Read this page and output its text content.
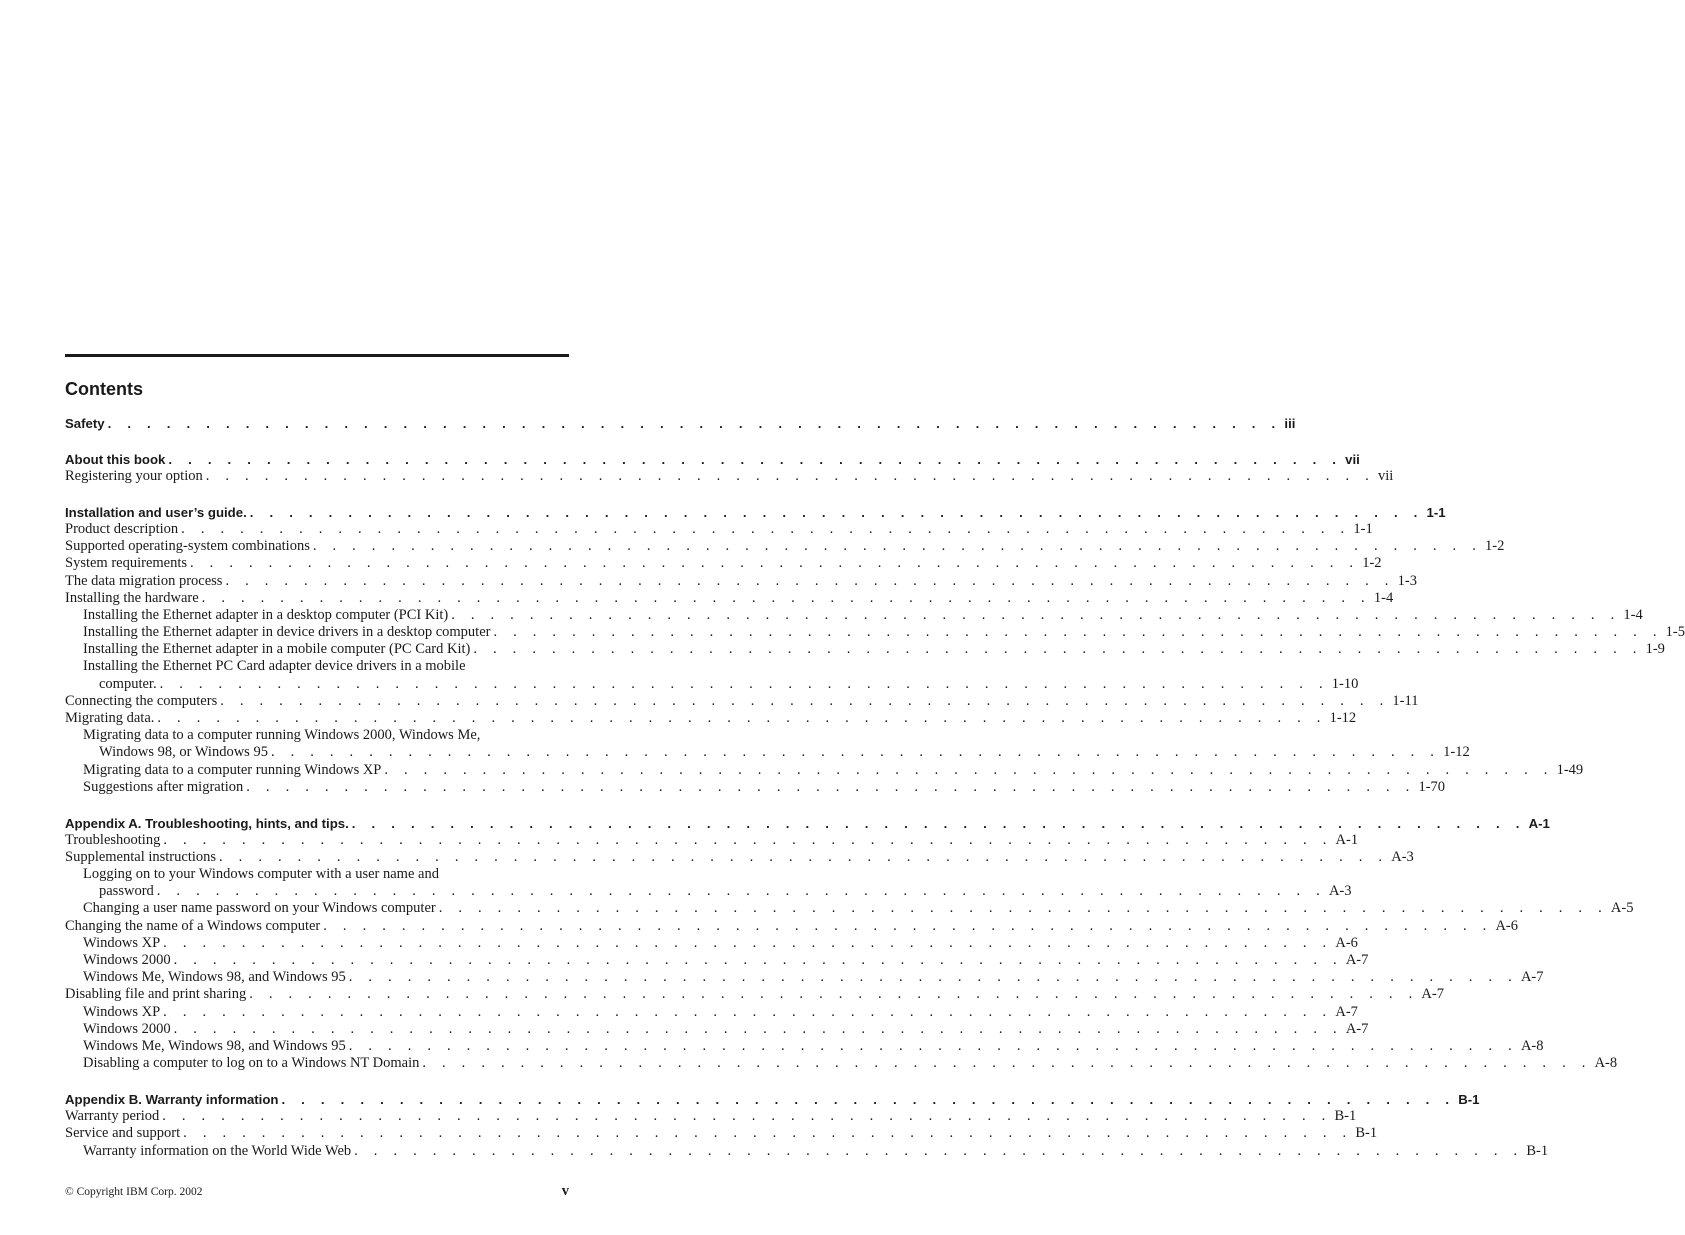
Contents
Safety . . . . . . . . . . . . . . . . . . . . . . . . . . . . . . . . . . . . . . . . . . . . . . . . . . . . . . . . . . . . iii
About this book . . . . . . . . . . . . . . . . . . . . . . . . . . . . . . . . . . . . . . . . . . . . . . . . . . . . . . . . . . . . vii
Registering your option . . . . . . . . . . . . . . . . . . . . . . . . . . . . . . . . . . . . . . . . . . . . . . . . . . . . . . . . . . . . vii
Installation and user’s guide. . . . . . . . . . . . . . . . . . . . . . . . . . . . . . . . . . . . . . . . . . . . . . . . . . . . . . . . . . . . . 1-1
Product description . . . . . . . . . . . . . . . . . . . . . . . . . . . . . . . . . . . . . . . . . . . . . . . . . . . . . . . . . . . . 1-1
Supported operating-system combinations . . . . . . . . . . . . . . . . . . . . . . . . . . . . . . . . . . . . . . . . . . . . . . . . . . . . . . . . . . . . 1-2
System requirements . . . . . . . . . . . . . . . . . . . . . . . . . . . . . . . . . . . . . . . . . . . . . . . . . . . . . . . . . . . . 1-2
The data migration process . . . . . . . . . . . . . . . . . . . . . . . . . . . . . . . . . . . . . . . . . . . . . . . . . . . . . . . . . . . . 1-3
Installing the hardware . . . . . . . . . . . . . . . . . . . . . . . . . . . . . . . . . . . . . . . . . . . . . . . . . . . . . . . . . . . . 1-4
Installing the Ethernet adapter in a desktop computer (PCI Kit) . . . . . . . . . . . . . . . . . . . . . . . . . . . . . . . . . . . . . . . . . . . . . . . . . . . . . . . . . . . . 1-4
Installing the Ethernet adapter in device drivers in a desktop computer . . . . . . . . . . . . . . . . . . . . . . . . . . . . . . . . . . . . . . . . . . . . . . . . . . . . . . . . . . . . 1-5
Installing the Ethernet adapter in a mobile computer (PC Card Kit) . . . . . . . . . . . . . . . . . . . . . . . . . . . . . . . . . . . . . . . . . . . . . . . . . . . . . . . . . . . . 1-9
Installing the Ethernet PC Card adapter device drivers in a mobile
computer. . . . . . . . . . . . . . . . . . . . . . . . . . . . . . . . . . . . . . . . . . . . . . . . . . . . . . . . . . . . . 1-10
Connecting the computers . . . . . . . . . . . . . . . . . . . . . . . . . . . . . . . . . . . . . . . . . . . . . . . . . . . . . . . . . . . . 1-11
Migrating data. . . . . . . . . . . . . . . . . . . . . . . . . . . . . . . . . . . . . . . . . . . . . . . . . . . . . . . . . . . . . 1-12
Migrating data to a computer running Windows 2000, Windows Me,
Windows 98, or Windows 95 . . . . . . . . . . . . . . . . . . . . . . . . . . . . . . . . . . . . . . . . . . . . . . . . . . . . . . . . . . . . 1-12
Migrating data to a computer running Windows XP . . . . . . . . . . . . . . . . . . . . . . . . . . . . . . . . . . . . . . . . . . . . . . . . . . . . . . . . . . . . 1-49
Suggestions after migration . . . . . . . . . . . . . . . . . . . . . . . . . . . . . . . . . . . . . . . . . . . . . . . . . . . . . . . . . . . . 1-70
Appendix A. Troubleshooting, hints, and tips. . . . . . . . . . . . . . . . . . . . . . . . . . . . . . . . . . . . . . . . . . . . . . . . . . . . . . . . . . . . . A-1
Troubleshooting . . . . . . . . . . . . . . . . . . . . . . . . . . . . . . . . . . . . . . . . . . . . . . . . . . . . . . . . . . . . A-1
Supplemental instructions . . . . . . . . . . . . . . . . . . . . . . . . . . . . . . . . . . . . . . . . . . . . . . . . . . . . . . . . . . . . A-3
Logging on to your Windows computer with a user name and
password . . . . . . . . . . . . . . . . . . . . . . . . . . . . . . . . . . . . . . . . . . . . . . . . . . . . . . . . . . . . A-3
Changing a user name password on your Windows computer . . . . . . . . . . . . . . . . . . . . . . . . . . . . . . . . . . . . . . . . . . . . . . . . . . . . . . . . . . . . A-5
Changing the name of a Windows computer . . . . . . . . . . . . . . . . . . . . . . . . . . . . . . . . . . . . . . . . . . . . . . . . . . . . . . . . . . . . A-6
Windows XP . . . . . . . . . . . . . . . . . . . . . . . . . . . . . . . . . . . . . . . . . . . . . . . . . . . . . . . . . . . . A-6
Windows 2000 . . . . . . . . . . . . . . . . . . . . . . . . . . . . . . . . . . . . . . . . . . . . . . . . . . . . . . . . . . . . A-7
Windows Me, Windows 98, and Windows 95 . . . . . . . . . . . . . . . . . . . . . . . . . . . . . . . . . . . . . . . . . . . . . . . . . . . . . . . . . . . . A-7
Disabling file and print sharing . . . . . . . . . . . . . . . . . . . . . . . . . . . . . . . . . . . . . . . . . . . . . . . . . . . . . . . . . . . . A-7
Windows XP . . . . . . . . . . . . . . . . . . . . . . . . . . . . . . . . . . . . . . . . . . . . . . . . . . . . . . . . . . . . A-7
Windows 2000 . . . . . . . . . . . . . . . . . . . . . . . . . . . . . . . . . . . . . . . . . . . . . . . . . . . . . . . . . . . . A-7
Windows Me, Windows 98, and Windows 95 . . . . . . . . . . . . . . . . . . . . . . . . . . . . . . . . . . . . . . . . . . . . . . . . . . . . . . . . . . . . A-8
Disabling a computer to log on to a Windows NT Domain . . . . . . . . . . . . . . . . . . . . . . . . . . . . . . . . . . . . . . . . . . . . . . . . . . . . . . . . . . . . A-8
Appendix B. Warranty information . . . . . . . . . . . . . . . . . . . . . . . . . . . . . . . . . . . . . . . . . . . . . . . . . . . . . . . . . . . . B-1
Warranty period . . . . . . . . . . . . . . . . . . . . . . . . . . . . . . . . . . . . . . . . . . . . . . . . . . . . . . . . . . . . B-1
Service and support . . . . . . . . . . . . . . . . . . . . . . . . . . . . . . . . . . . . . . . . . . . . . . . . . . . . . . . . . . . . B-1
Warranty information on the World Wide Web . . . . . . . . . . . . . . . . . . . . . . . . . . . . . . . . . . . . . . . . . . . . . . . . . . . . . . . . . . . . B-1
© Copyright IBM Corp. 2002	v
